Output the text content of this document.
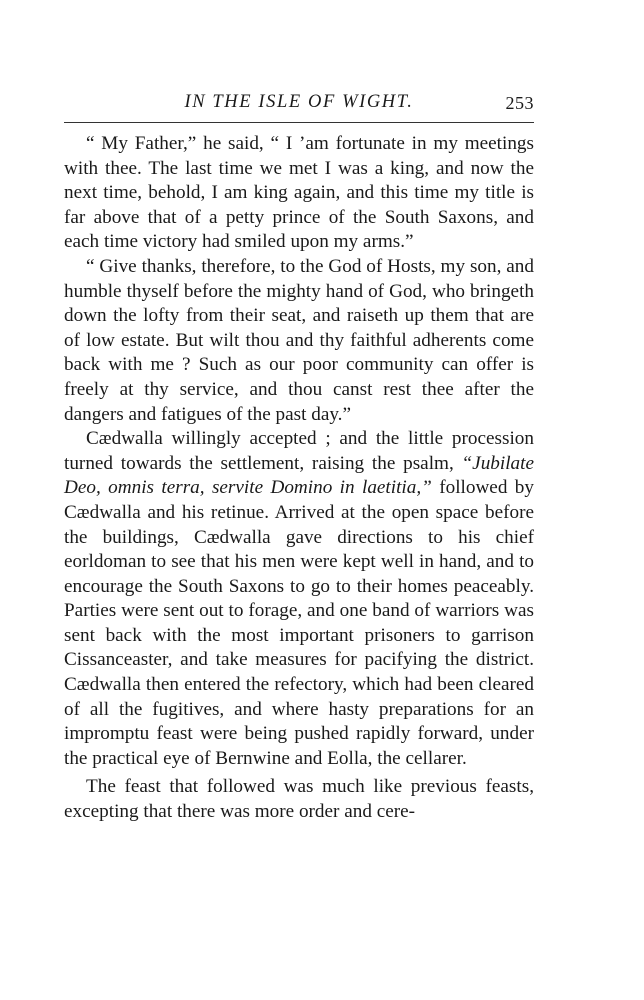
IN THE ISLE OF WIGHT.	253

“ My Father,” he said, “ I ’am fortunate in my meetings with thee. The last time we met I was a king, and now the next time, behold, I am king again, and this time my title is far above that of a petty prince of the South Saxons, and each time victory had smiled upon my arms.”

“ Give thanks, therefore, to the God of Hosts, my son, and humble thyself before the mighty hand of God, who bringeth down the lofty from their seat, and raiseth up them that are of low estate. But wilt thou and thy faithful adherents come back with me ? Such as our poor community can offer is freely at thy service, and thou canst rest thee after the dangers and fatigues of the past day.”

Cædwalla willingly accepted ; and the little procession turned towards the settlement, raising the psalm, “Jubilate Deo, omnis terra, servite Domino in laetitia,” followed by Cædwalla and his retinue. Arrived at the open space before the buildings, Cædwalla gave directions to his chief eorldoman to see that his men were kept well in hand, and to encourage the South Saxons to go to their homes peaceably. Parties were sent out to forage, and one band of warriors was sent back with the most important prisoners to garrison Cissanceaster, and take measures for pacifying the district. Cædwalla then entered the refectory, which had been cleared of all the fugitives, and where hasty preparations for an impromptu feast were being pushed rapidly forward, under the practical eye of Bernwine and Eolla, the cellarer.

The feast that followed was much like previous feasts, excepting that there was more order and cere-
